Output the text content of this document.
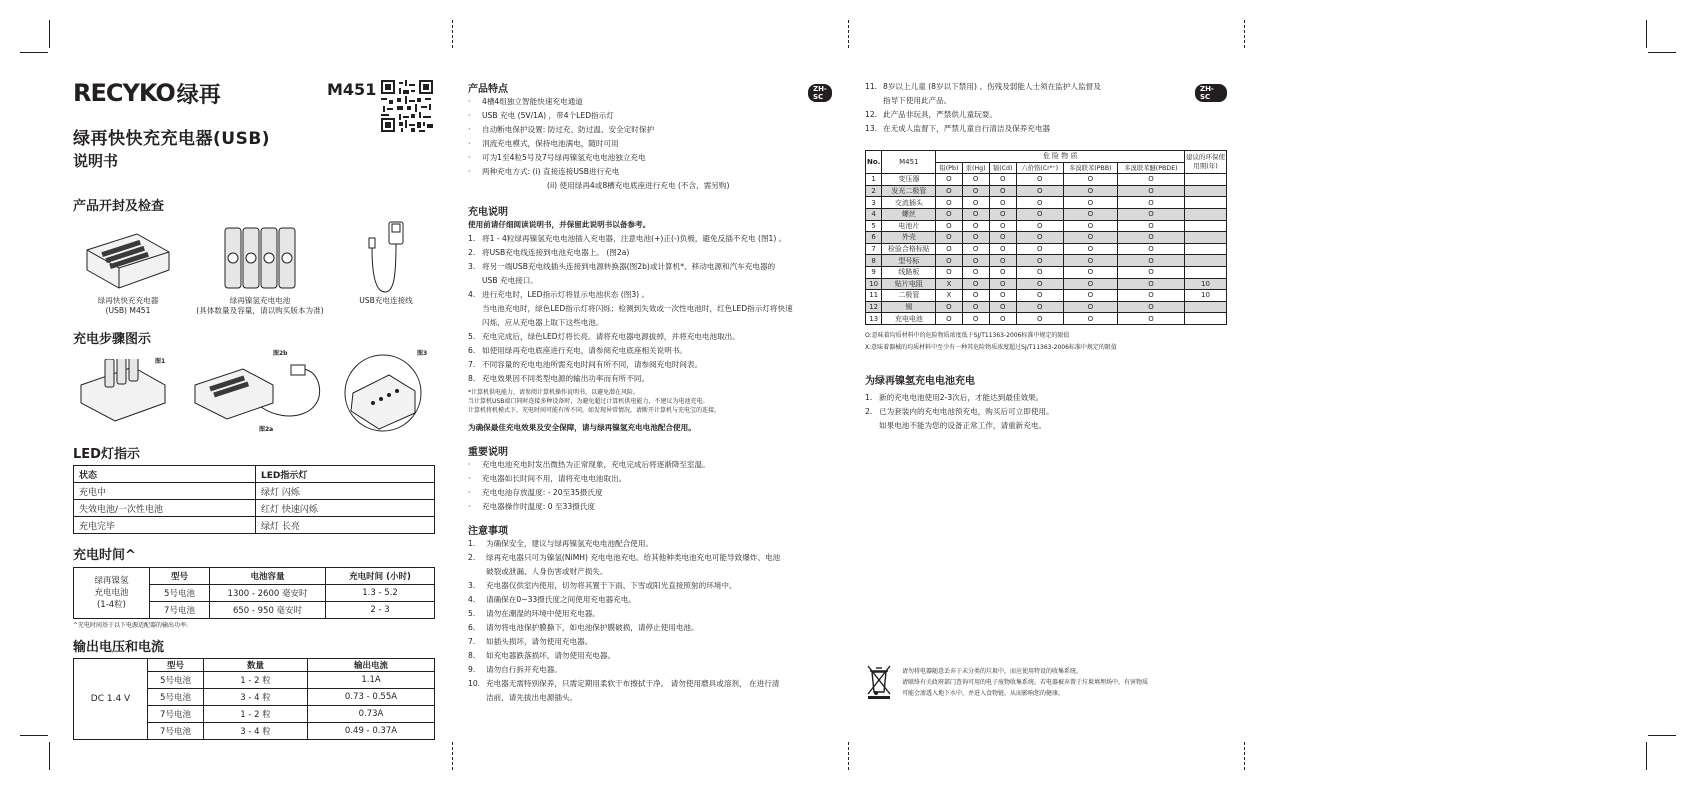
RECYKO 绿再	M451
绿再快快充充电器(USB)
说明书
产品开封及检查
绿再快快充充电器
(USB) M451
绿再镍氢充电电池
(具体数量及容量，请以购买版本为准)
USB充电连接线
充电步骤图示
图1
图2b
图2a
图3
LED灯指示
状态	LED指示灯
充电中	绿灯 闪烁
失效电池/一次性电池	红灯 快速闪烁
充电完毕	绿灯 长亮
充电时间^
绿再镍氢
充电电池
(1-4粒)	型号	电池容量	充电时间 (小时)
	5号电池	1300 - 2600 毫安时	1.3 - 5.2
	7号电池	650 - 950 毫安时	2 - 3
^充电时间基于以下电源适配器的输出功率:
输出电压和电流
DC 1.4 V	型号	数量	输出电流
	5号电池	1 - 2 粒	1.1A
	5号电池	3 - 4 粒	0.73 - 0.55A
	7号电池	1 - 2 粒	0.73A
	7号电池	3 - 4 粒	0.49 - 0.37A
ZH-SC
产品特点
·	4槽4组独立智能快速充电通道
·	USB 充电 (5V/1A) ，带4个LED指示灯
·	自动断电保护设置: 防过充、防过温、安全定时保护
·	涓流充电模式，保持电池满电，随时可用
·	可为1至4粒5号及7号绿再镍氢充电电池独立充电
·	两种充电方式: (i) 直接连接USB进行充电
(ii) 使用绿再4或8槽充电底座进行充电 (不含，需另购)
充电说明
使用前请仔细阅读说明书，并保留此说明书以备参考。
1. 将1 - 4粒绿再镍氢充电电池插入充电器，注意电池(+)正(-)负极，避免反插不充电 (图1) 。
2. 将USB充电线连接到电池充电器上。 (图2a)
3. 将另一端USB充电线插头连接到电源转换器(图2b)或计算机*、移动电源和汽车充电器的
USB 充电接口。
4. 进行充电时，LED指示灯将显示电池状态 (图3) 。
当电池充电时，绿色LED指示灯将闪烁；检测到失效或一次性电池时，红色LED指示灯将快速
闪烁，应从充电器上取下这些电池。
5. 充电完成后，绿色LED灯将长亮。请将充电器电源拔掉，并将充电电池取出。
6. 如使用绿再充电底座进行充电，请参阅充电底座相关说明书。
7. 不同容量的充电电池所需充电时间有所不同，请参阅充电时间表。
8. 充电效果因不同类型电源的输出功率而有所不同。
*计算机供电能力，请参阅计算机操作说明书，以避免潜在风险。
当计算机USB端口同时连接多种设备时，为避免超过计算机供电能力，不建议为电池充电。
计算机将机模式下，充电时间可能有所不同，如发现异常情况，请断开计算机与充电宝的连接。
为确保最佳充电效果及安全保障，请与绿再镍氢充电电池配合使用。
重要说明
·	充电电池充电时发出微热为正常现象，充电完成后将逐渐降至室温。
·	充电器如长时间不用，请将充电电池取出。
·	充电电池存放温度: - 20至35摄氏度
·	充电器操作时温度: 0 至33摄氏度
注意事项
1.	为确保安全，建议与绿再镍氢充电电池配合使用。
2.	绿再充电器只可为镍氢(NiMH) 充电电池充电。给其他种类电池充电可能导致爆炸、电池
破裂或泄漏、人身伤害或财产损失。
3.	充电器仅供室内使用，切勿将其置于下雨、下雪或阳光直接照射的环境中。
4.	请确保在0~33摄氏度之间使用充电器充电。
5.	请勿在潮湿的环境中使用充电器。
6.	请勿将电池保护膜撕下，如电池保护膜破损，请停止使用电池。
7.	如插头损坏，请勿使用充电器。
8.	如充电器跌落损坏，请勿使用充电器。
9.	请勿自行拆开充电器。
10. 充电器无需特别保养，只需定期用柔软干布擦拭干净。 请勿使用磨具或溶剂， 在进行清
洁前，请先拔出电源插头。
ZH-SC
11. 8岁以上儿童 (8岁以下禁用) 、伤残及弱能人士须在监护人监督及
指导下使用此产品。
12. 此产品非玩具，严禁供儿童玩耍。
13. 在无成人监督下，严禁儿童自行清洁及保养充电器
No.	M451	危 险 物 质						建议的环保使用期(年)
		铅(Pb)	汞(Hg)	镉(Cd)	六价铬(Cr⁶⁺)	多溴联苯(PBB)	多溴联苯醚(PBDE)	
1	变压器	O	O	O	O	O	O	
2	发光二极管	O	O	O	O	O	O	
3	交流插头	O	O	O	O	O	O	
4	螺丝	O	O	O	O	O	O	
5	电池片	O	O	O	O	O	O	
6	外壳	O	O	O	O	O	O	
7	检验合格标贴	O	O	O	O	O	O	
8	型号标	O	O	O	O	O	O	
9	线路板	O	O	O	O	O	O	
10	贴片电阻	X	O	O	O	O	O	10
11	二极管	X	O	O	O	O	O	10
12	锡	O	O	O	O	O	O	
13	充电电池	O	O	O	O	O	O	
O:意味着均质材料中的危险物质浓度低于SJ/T11363-2006标准中规定的限值
X:意味着器械的均质材料中至少有一种其危险物质浓度超过SJ/T11363-2006标准中规定的限值
为绿再镍氢充电电池充电
1. 新的充电电池使用2-3次后，才能达到最佳效果。
2. 已为套装内的充电电池预充电，购买后可立即使用。
如果电池不能为您的设备正常工作，请重新充电。
请勿将电器随意丢弃于未分类的垃圾中，而应使用特设的收集系统。
请联络有关政府部门查询可用的电子废物收集系统。若电器被弃置于垃圾填埋场中，有害物质
可能会渗透入地下水中，并进入食物链，从而影响您的健康。
